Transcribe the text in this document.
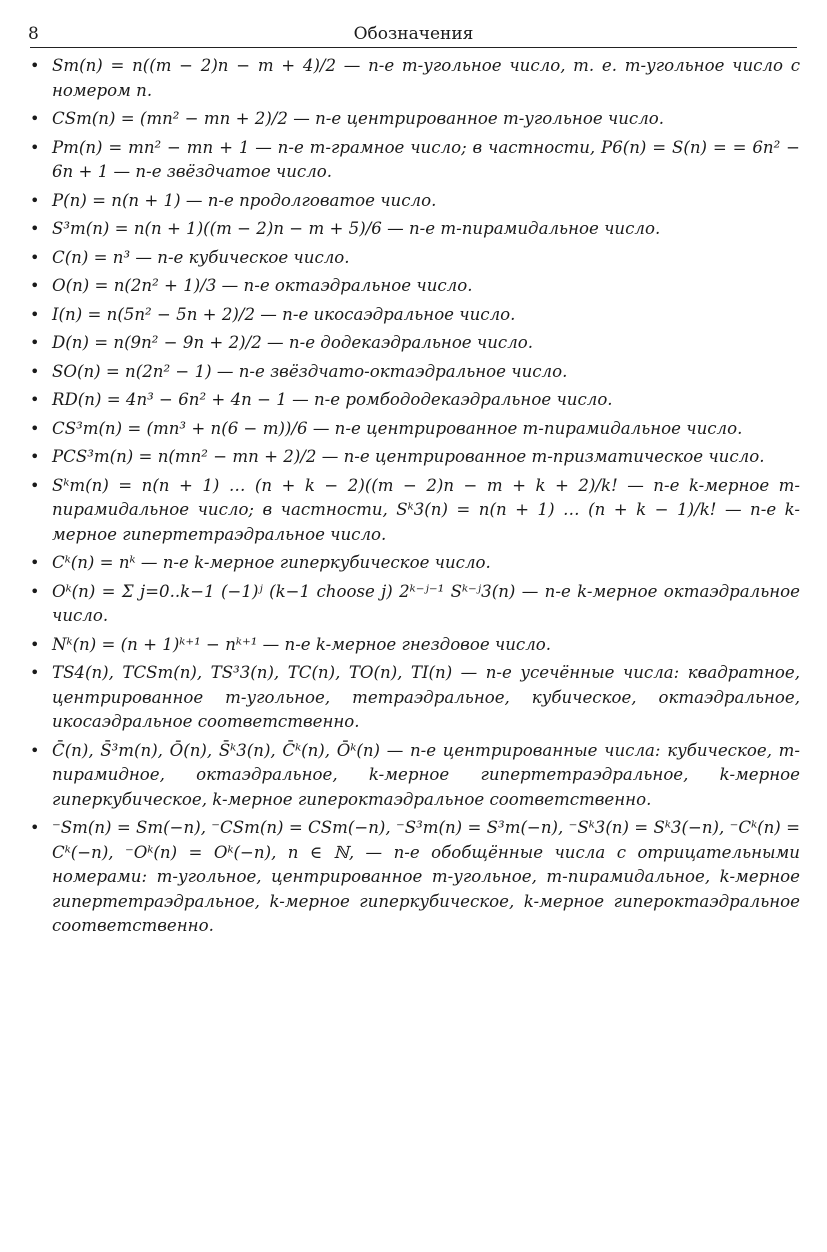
8	Обозначения
• Sm(n) = n((m − 2)n − m + 4)/2 — n-е m-угольное число, т. е. m-угольное число с номером n.
• CSm(n) = (mn² − mn + 2)/2 — n-е центрированное m-угольное число.
• Pm(n) = mn² − mn + 1 — n-е m-грамное число; в частности, P6(n) = S(n) = = 6n² − 6n + 1 — n-е звёздчатое число.
• P(n) = n(n + 1) — n-е продолговатое число.
• S³m(n) = n(n + 1)((m − 2)n − m + 5)/6 — n-е m-пирамидальное число.
• C(n) = n³ — n-е кубическое число.
• O(n) = n(2n² + 1)/3 — n-е октаэдральное число.
• I(n) = n(5n² − 5n + 2)/2 — n-е икосаэдральное число.
• D(n) = n(9n² − 9n + 2)/2 — n-е додекаэдральное число.
• SO(n) = n(2n² − 1) — n-е звёздчато-октаэдральное число.
• RD(n) = 4n³ − 6n² + 4n − 1 — n-е ромбододекаэдральное число.
• CS³m(n) = (mn³ + n(6 − m))/6 — n-е центрированное m-пирамидальное число.
• PCS³m(n) = n(mn² − mn + 2)/2 — n-е центрированное m-призматическое число.
• Sᵏm(n) = n(n + 1) … (n + k − 2)((m − 2)n − m + k + 2)/k! — n-е k-мерное m-пирамидальное число; в частности, Sᵏ3(n) = n(n + 1) … (n + k − 1)/k! — n-е k-мерное гипертетраэдральное число.
• Cᵏ(n) = nᵏ — n-е k-мерное гиперкубическое число.
• Oᵏ(n) = Σ j=0..k−1 (−1)ʲ (k−1 choose j) 2ᵏ⁻ʲ⁻¹ Sᵏ⁻ʲ3(n) — n-е k-мерное октаэдральное число.
• Nᵏ(n) = (n + 1)ᵏ⁺¹ − nᵏ⁺¹ — n-е k-мерное гнездовое число.
• TS4(n), TCSm(n), TS³3(n), TC(n), TO(n), TI(n) — n-е усечённые числа: квадратное, центрированное m-угольное, тетраэдральное, кубическое, октаэдральное, икосаэдральное соответственно.
• C̄(n), S̄³m(n), Ō(n), S̄ᵏ3(n), C̄ᵏ(n), Ōᵏ(n) — n-е центрированные числа: кубическое, m-пирамидное, октаэдральное, k-мерное гипертетраэдральное, k-мерное гиперкубическое, k-мерное гипероктаэдральное соответственно.
• ⁻Sm(n) = Sm(−n), ⁻CSm(n) = CSm(−n), ⁻S³m(n) = S³m(−n), ⁻Sᵏ3(n) = Sᵏ3(−n), ⁻Cᵏ(n) = Cᵏ(−n), ⁻Oᵏ(n) = Oᵏ(−n), n ∈ ℕ, — n-е обобщённые числа с отрицательными номерами: m-угольное, центрированное m-угольное, m-пирамидальное, k-мерное гипертетраэдральное, k-мерное гиперкубическое, k-мерное гипероктаэдральное соответственно.
